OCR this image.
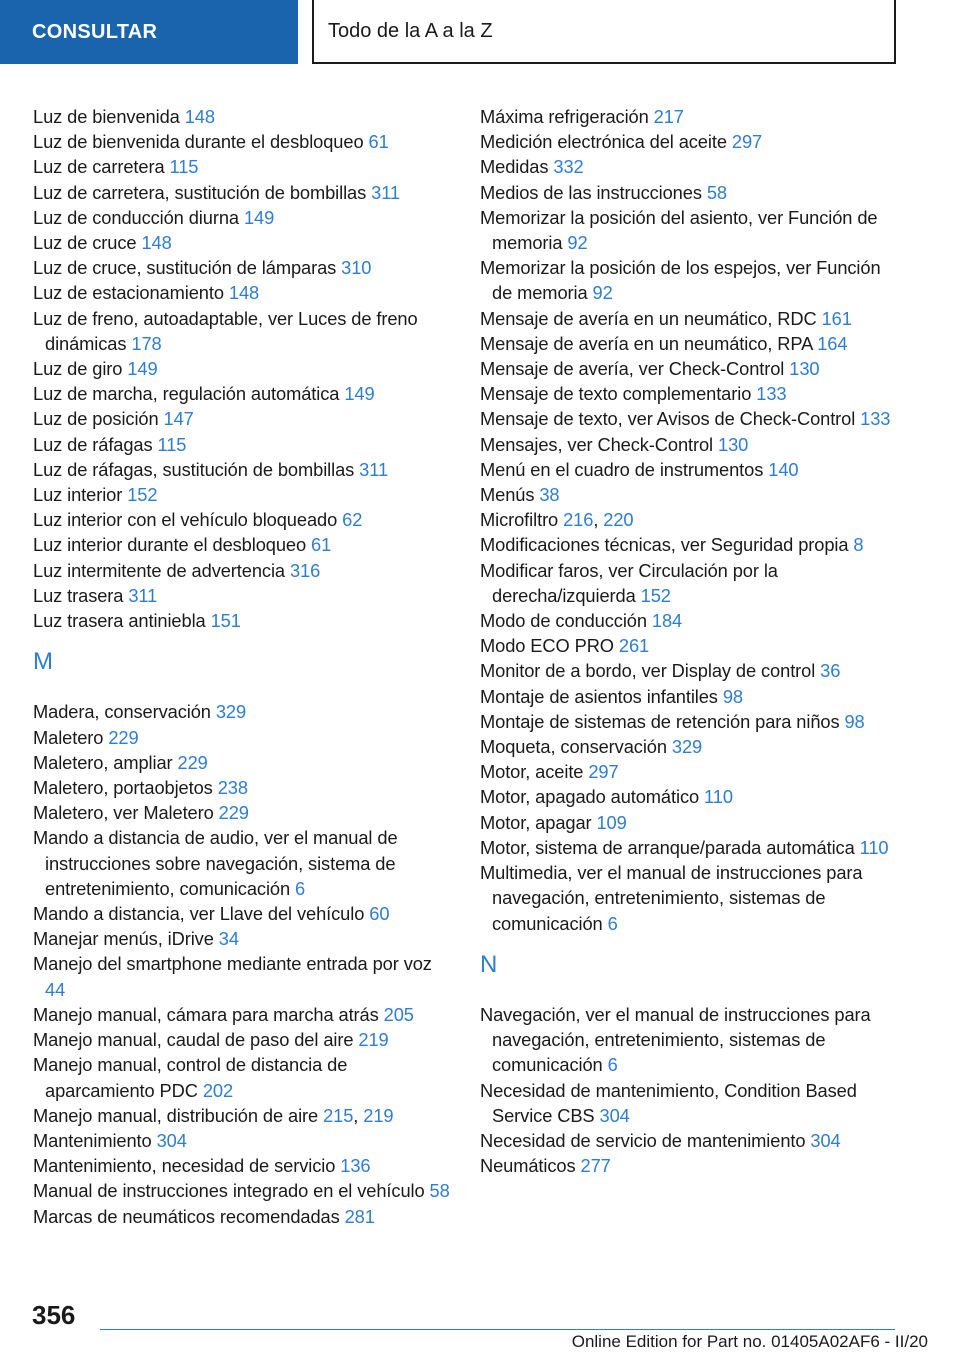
CONSULTAR	Todo de la A a la Z

Luz de bienvenida 148

Luz de bienvenida durante el desbloqueo 61

Luz de carretera 115

Luz de carretera, sustitución de bombillas 311

Luz de conducción diurna 149

Luz de cruce 148

Luz de cruce, sustitución de lámparas 310

Luz de estacionamiento 148

Luz de freno, autoadaptable, ver Luces de freno dinámicas 178

Luz de giro 149

Luz de marcha, regulación automática 149

Luz de posición 147

Luz de ráfagas 115

Luz de ráfagas, sustitución de bombillas 311

Luz interior 152

Luz interior con el vehículo bloqueado 62

Luz interior durante el desbloqueo 61

Luz intermitente de advertencia 316

Luz trasera 311

Luz trasera antiniebla 151

M

Madera, conservación 329

Maletero 229

Maletero, ampliar 229

Maletero, portaobjetos 238

Maletero, ver Maletero 229

Mando a distancia de audio, ver el manual de instrucciones sobre navegación, sistema de entretenimiento, comunicación 6

Mando a distancia, ver Llave del vehículo 60

Manejar menús, iDrive 34

Manejo del smartphone mediante entrada por voz 44

Manejo manual, cámara para marcha atrás 205

Manejo manual, caudal de paso del aire 219

Manejo manual, control de distancia de aparcamiento PDC 202

Manejo manual, distribución de aire 215, 219

Mantenimiento 304

Mantenimiento, necesidad de servicio 136

Manual de instrucciones integrado en el vehículo 58

Marcas de neumáticos recomendadas 281

Máxima refrigeración 217

Medición electrónica del aceite 297

Medidas 332

Medios de las instrucciones 58

Memorizar la posición del asiento, ver Función de memoria 92

Memorizar la posición de los espejos, ver Función de memoria 92

Mensaje de avería en un neumático, RDC 161

Mensaje de avería en un neumático, RPA 164

Mensaje de avería, ver Check-Control 130

Mensaje de texto complementario 133

Mensaje de texto, ver Avisos de Check-Control 133

Mensajes, ver Check-Control 130

Menú en el cuadro de instrumentos 140

Menús 38

Microfiltro 216, 220

Modificaciones técnicas, ver Seguridad propia 8

Modificar faros, ver Circulación por la derecha/izquierda 152

Modo de conducción 184

Modo ECO PRO 261

Monitor de a bordo, ver Display de control 36

Montaje de asientos infantiles 98

Montaje de sistemas de retención para niños 98

Moqueta, conservación 329

Motor, aceite 297

Motor, apagado automático 110

Motor, apagar 109

Motor, sistema de arranque/parada automática 110

Multimedia, ver el manual de instrucciones para navegación, entretenimiento, sistemas de comunicación 6

N

Navegación, ver el manual de instrucciones para navegación, entretenimiento, sistemas de comunicación 6

Necesidad de mantenimiento, Condition Based Service CBS 304

Necesidad de servicio de mantenimiento 304

Neumáticos 277

356
Online Edition for Part no. 01405A02AF6 - II/20
